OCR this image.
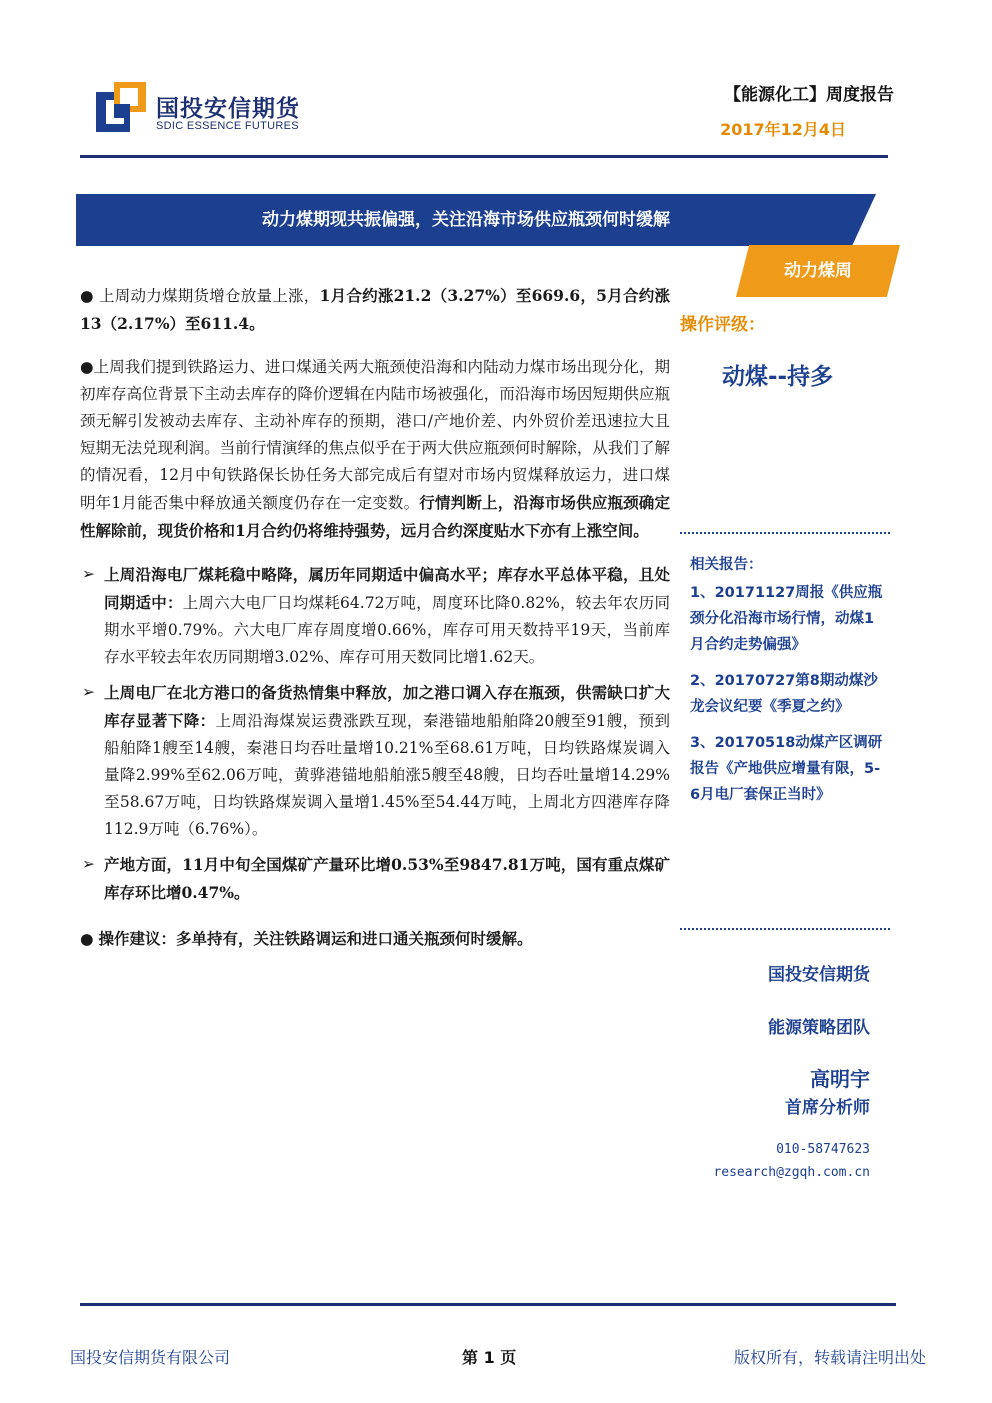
国投安信期货
SDIC ESSENCE FUTURES
【能源化工】周度报告
2017年12月4日
动力煤期现共振偏强，关注沿海市场供应瓶颈何时缓解
动力煤周

● 上周动力煤期货增仓放量上涨，1月合约涨21.2（3.27%）至669.6，5月合约涨13（2.17%）至611.4。

●上周我们提到铁路运力、进口煤通关两大瓶颈使沿海和内陆动力煤市场出现分化，期初库存高位背景下主动去库存的降价逻辑在内陆市场被强化，而沿海市场因短期供应瓶颈无解引发被动去库存、主动补库存的预期，港口/产地价差、内外贸价差迅速拉大且短期无法兑现利润。当前行情演绎的焦点似乎在于两大供应瓶颈何时解除，从我们了解的情况看，12月中旬铁路保长协任务大部完成后有望对市场内贸煤释放运力，进口煤明年1月能否集中释放通关额度仍存在一定变数。行情判断上，沿海市场供应瓶颈确定性解除前，现货价格和1月合约仍将维持强势，远月合约深度贴水下亦有上涨空间。

➢ 上周沿海电厂煤耗稳中略降，属历年同期适中偏高水平；库存水平总体平稳，且处同期适中：上周六大电厂日均煤耗64.72万吨，周度环比降0.82%，较去年农历同期水平增0.79%。六大电厂库存周度增0.66%，库存可用天数持平19天，当前库存水平较去年农历同期增3.02%、库存可用天数同比增1.62天。

➢ 上周电厂在北方港口的备货热情集中释放，加之港口调入存在瓶颈，供需缺口扩大库存显著下降：上周沿海煤炭运费涨跌互现，秦港锚地船舶降20艘至91艘，预到船舶降1艘至14艘，秦港日均吞吐量增10.21%至68.61万吨，日均铁路煤炭调入量降2.99%至62.06万吨，黄骅港锚地船舶涨5艘至48艘，日均吞吐量增14.29%至58.67万吨，日均铁路煤炭调入量增1.45%至54.44万吨，上周北方四港库存降112.9万吨（6.76%）。

➢ 产地方面，11月中旬全国煤矿产量环比增0.53%至9847.81万吨，国有重点煤矿库存环比增0.47%。

● 操作建议：多单持有，关注铁路调运和进口通关瓶颈何时缓解。

操作评级：
动煤--持多
相关报告：
1、20171127周报《供应瓶颈分化沿海市场行情，动煤1月合约走势偏强》
2、20170727第8期动煤沙龙会议纪要《季夏之约》
3、20170518动煤产区调研报告《产地供应增量有限，5-6月电厂套保正当时》
国投安信期货
能源策略团队
高明宇
首席分析师
010-58747623
research@zgqh.com.cn
国投安信期货有限公司	第 1 页	版权所有，转载请注明出处
